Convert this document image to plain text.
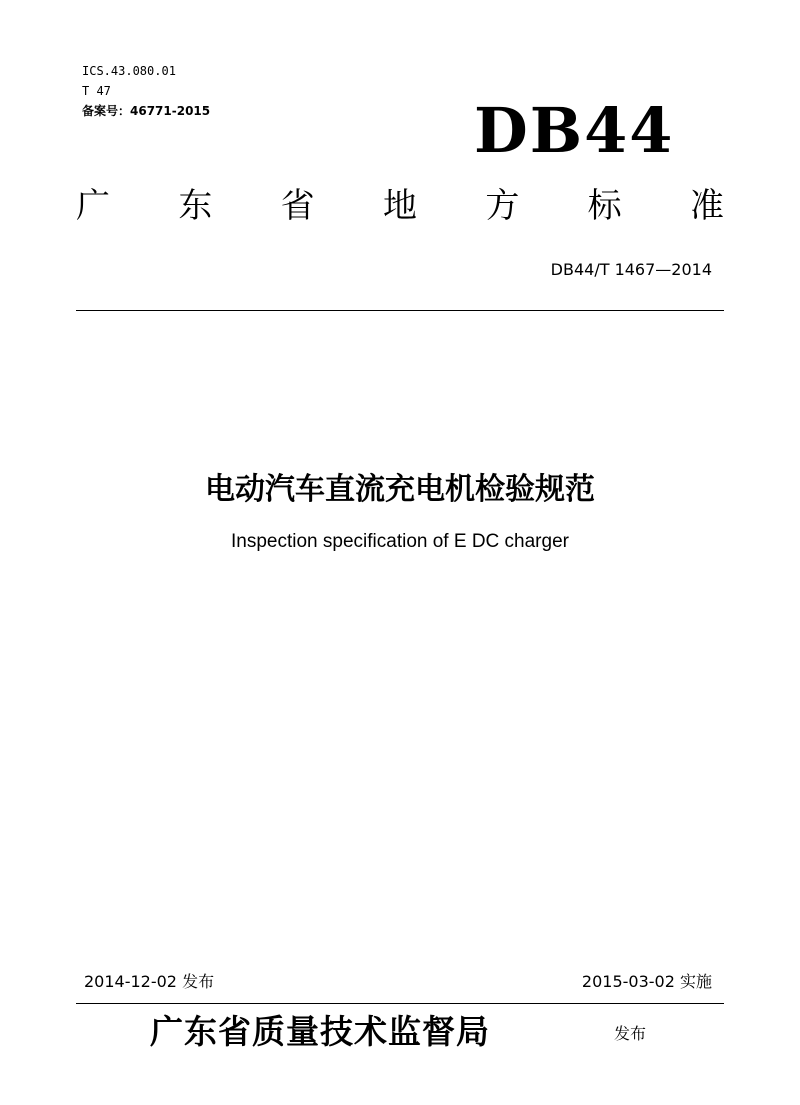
ICS.43.080.01
T 47
备案号：46771-2015	DB44
广 东 省 地 方 标 准
DB44/T 1467—2014
电动汽车直流充电机检验规范
Inspection specification of E DC charger
2014-12-02 发布	2015-03-02 实施
广东省质量技术监督局	发布
